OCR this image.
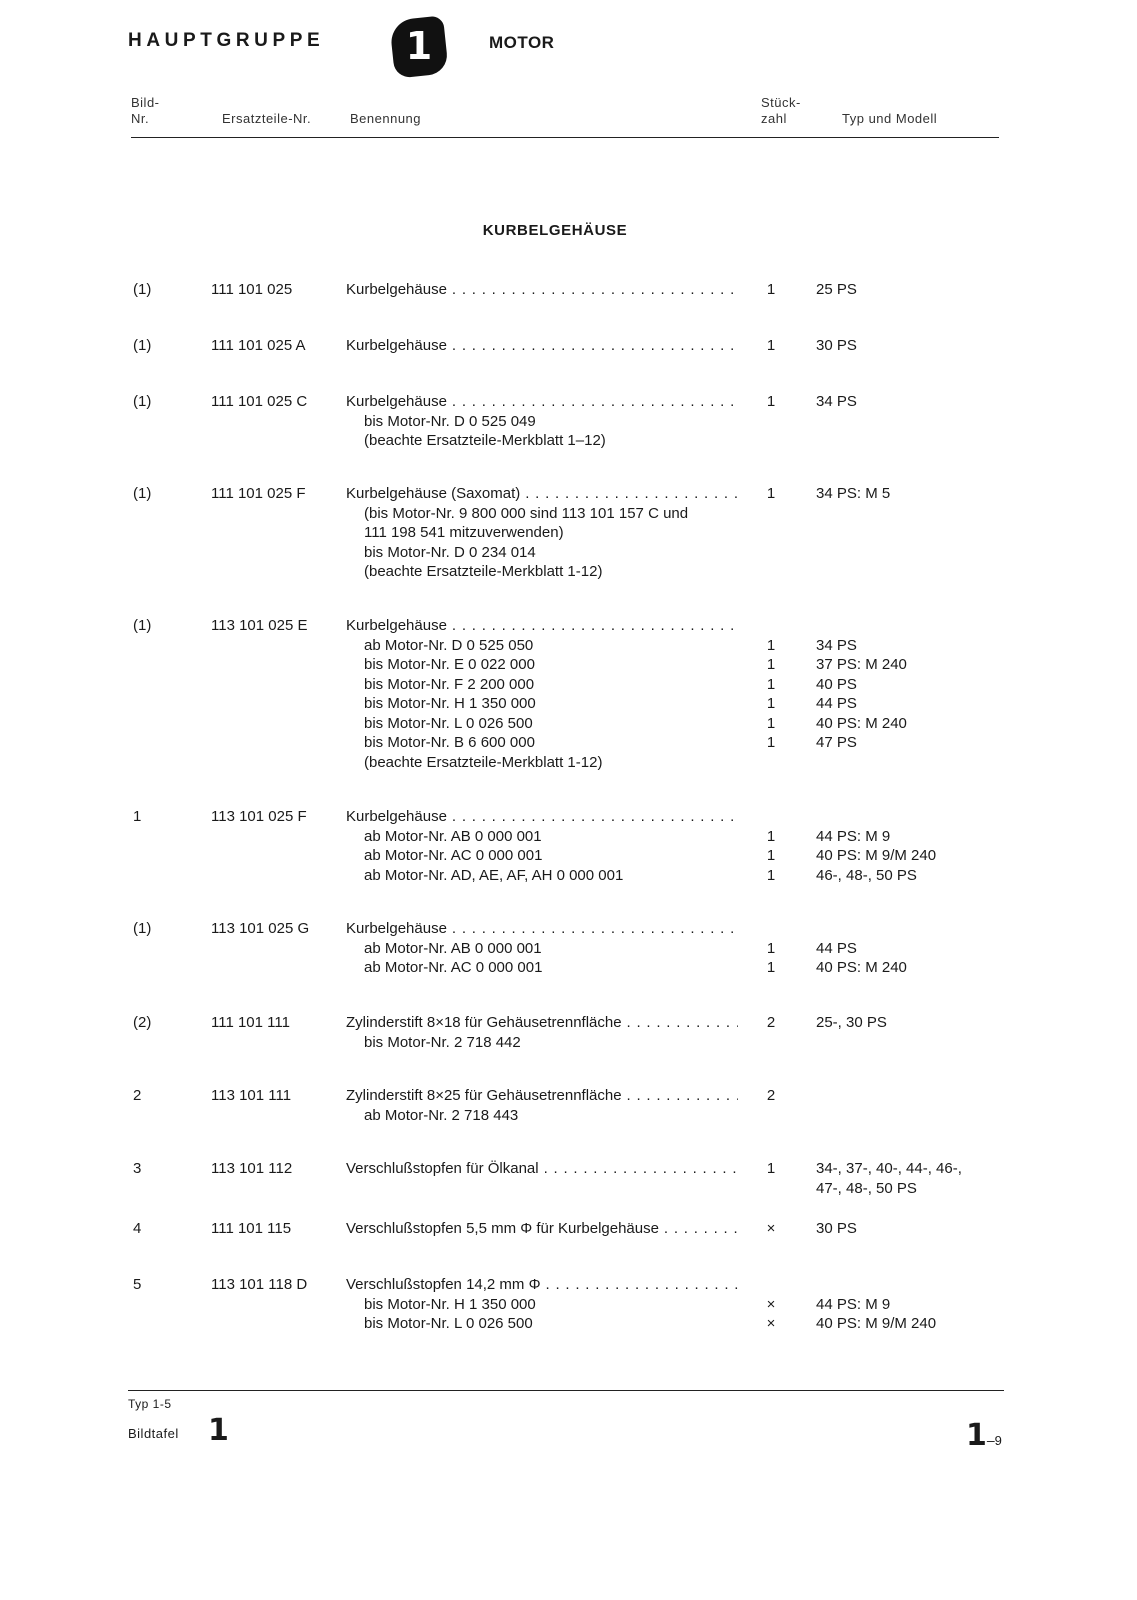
HAUPTGRUPPE	1	MOTOR
Bild-
Nr.	Ersatzteile-Nr.	Benennung
Stück-
zahl	Typ und Modell
KURBELGEHÄUSE
(1)	111 101 025	Kurbelgehäuse . . .	1	25 PS
(1)	111 101 025 A	Kurbelgehäuse . . .	1	30 PS
(1)	111 101 025 C	Kurbelgehäuse . . .	1	34 PS
bis Motor-Nr. D 0 525 049
(beachte Ersatzteile-Merkblatt 1–12)
(1)	111 101 025 F	Kurbelgehäuse (Saxomat) . . .	1	34 PS: M 5
(bis Motor-Nr. 9 800 000 sind 113 101 157 C und
111 198 541 mitzuverwenden)
bis Motor-Nr. D 0 234 014
(beachte Ersatzteile-Merkblatt 1-12)
(1)	113 101 025 E	Kurbelgehäuse . . .
ab Motor-Nr. D 0 525 050	1	34 PS
bis Motor-Nr. E 0 022 000	1	37 PS: M 240
bis Motor-Nr. F 2 200 000	1	40 PS
bis Motor-Nr. H 1 350 000	1	44 PS
bis Motor-Nr. L 0 026 500	1	40 PS: M 240
bis Motor-Nr. B 6 600 000	1	47 PS
(beachte Ersatzteile-Merkblatt 1-12)
1	113 101 025 F	Kurbelgehäuse . . .
ab Motor-Nr. AB 0 000 001	1	44 PS: M 9
ab Motor-Nr. AC 0 000 001	1	40 PS: M 9/M 240
ab Motor-Nr. AD, AE, AF, AH 0 000 001	1	46-, 48-, 50 PS
(1)	113 101 025 G Kurbelgehäuse . . .
ab Motor-Nr. AB 0 000 001	1	44 PS
ab Motor-Nr. AC 0 000 001	1	40 PS: M 240
(2)	111 101 111	Zylinderstift 8×18 für Gehäusetrennfläche . . .	2	25-, 30 PS
bis Motor-Nr. 2 718 442
2	113 101 111	Zylinderstift 8×25 für Gehäusetrennfläche . . .	2
ab Motor-Nr. 2 718 443
3	113 101 112	Verschlußstopfen für Ölkanal . . .	1	34-, 37-, 40-, 44-, 46-,
47-, 48-, 50 PS
4	111 101 115	Verschlußstopfen 5,5 mm Φ für Kurbelgehäuse . . .	×	30 PS
5	113 101 118 D	Verschlußstopfen 14,2 mm Φ . . .
bis Motor-Nr. H 1 350 000	×	44 PS: M 9
bis Motor-Nr. L 0 026 500	×	40 PS: M 9/M 240
Typ 1-5
Bildtafel 1	1–9
